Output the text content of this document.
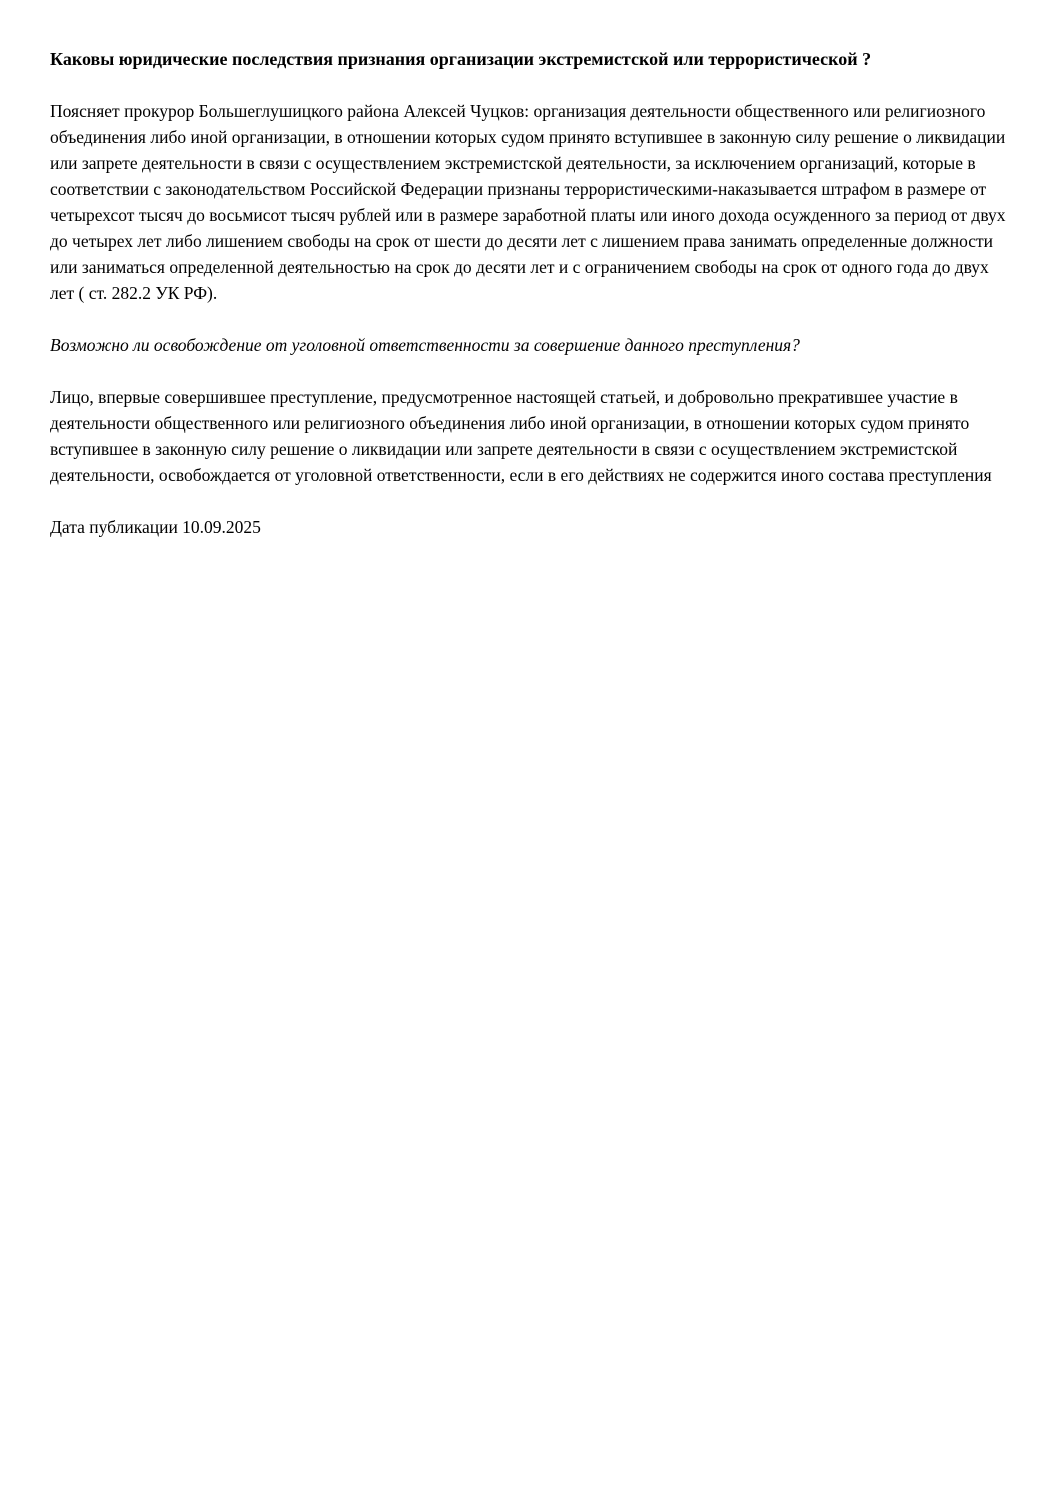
Каковы юридические последствия признания организации экстремистской или террористической ?

Поясняет прокурор Большеглушицкого района Алексей Чуцков: организация деятельности общественного или религиозного объединения либо иной организации, в отношении которых судом принято вступившее в законную силу решение о ликвидации или запрете деятельности в связи с осуществлением экстремистской деятельности, за исключением организаций, которые в соответствии с законодательством Российской Федерации признаны террористическими-наказывается штрафом в размере от четырехсот тысяч до восьмисот тысяч рублей или в размере заработной платы или иного дохода осужденного за период от двух до четырех лет либо лишением свободы на срок от шести до десяти лет с лишением права занимать определенные должности или заниматься определенной деятельностью на срок до десяти лет и с ограничением свободы на срок от одного года до двух лет ( ст. 282.2 УК РФ).

Возможно ли освобождение от уголовной ответственности за совершение данного преступления?

Лицо, впервые совершившее преступление, предусмотренное настоящей статьей, и добровольно прекратившее участие в деятельности общественного или религиозного объединения либо иной организации, в отношении которых судом принято вступившее в законную силу решение о ликвидации или запрете деятельности в связи с осуществлением экстремистской деятельности, освобождается от уголовной ответственности, если в его действиях не содержится иного состава преступления

Дата публикации 10.09.2025
